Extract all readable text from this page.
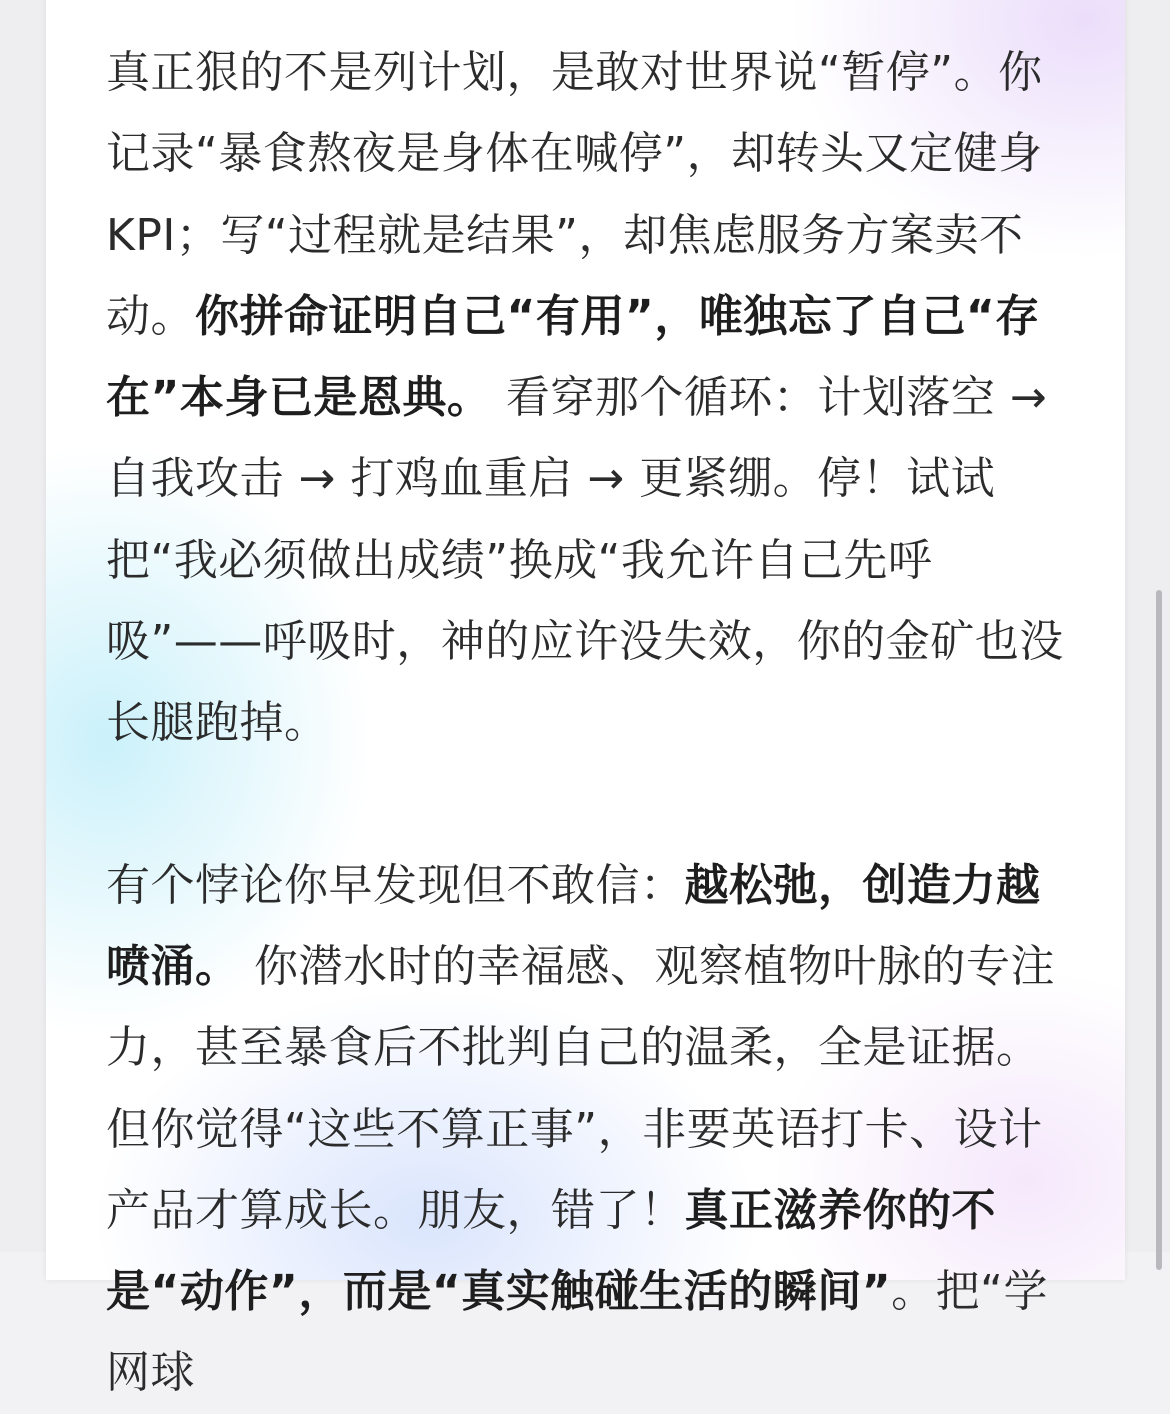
真正狠的不是列计划，是敢对世界说“暂停”。你记录“暴食熬夜是身体在喊停”，却转头又定健身KPI；写“过程就是结果”，却焦虑服务方案卖不动。你拼命证明自己“有用”，唯独忘了自己“存在”本身已是恩典。 看穿那个循环：计划落空 → 自我攻击 → 打鸡血重启 → 更紧绷。停！试试把“我必须做出成绩”换成“我允许自己先呼吸”——呼吸时，神的应许没失效，你的金矿也没长腿跑掉。

有个悖论你早发现但不敢信：越松弛，创造力越喷涌。 你潜水时的幸福感、观察植物叶脉的专注力，甚至暴食后不批判自己的温柔，全是证据。但你觉得“这些不算正事”，非要英语打卡、设计产品才算成长。朋友，错了！真正滋养你的不是“动作”，而是“真实触碰生活的瞬间”。把“学网球
